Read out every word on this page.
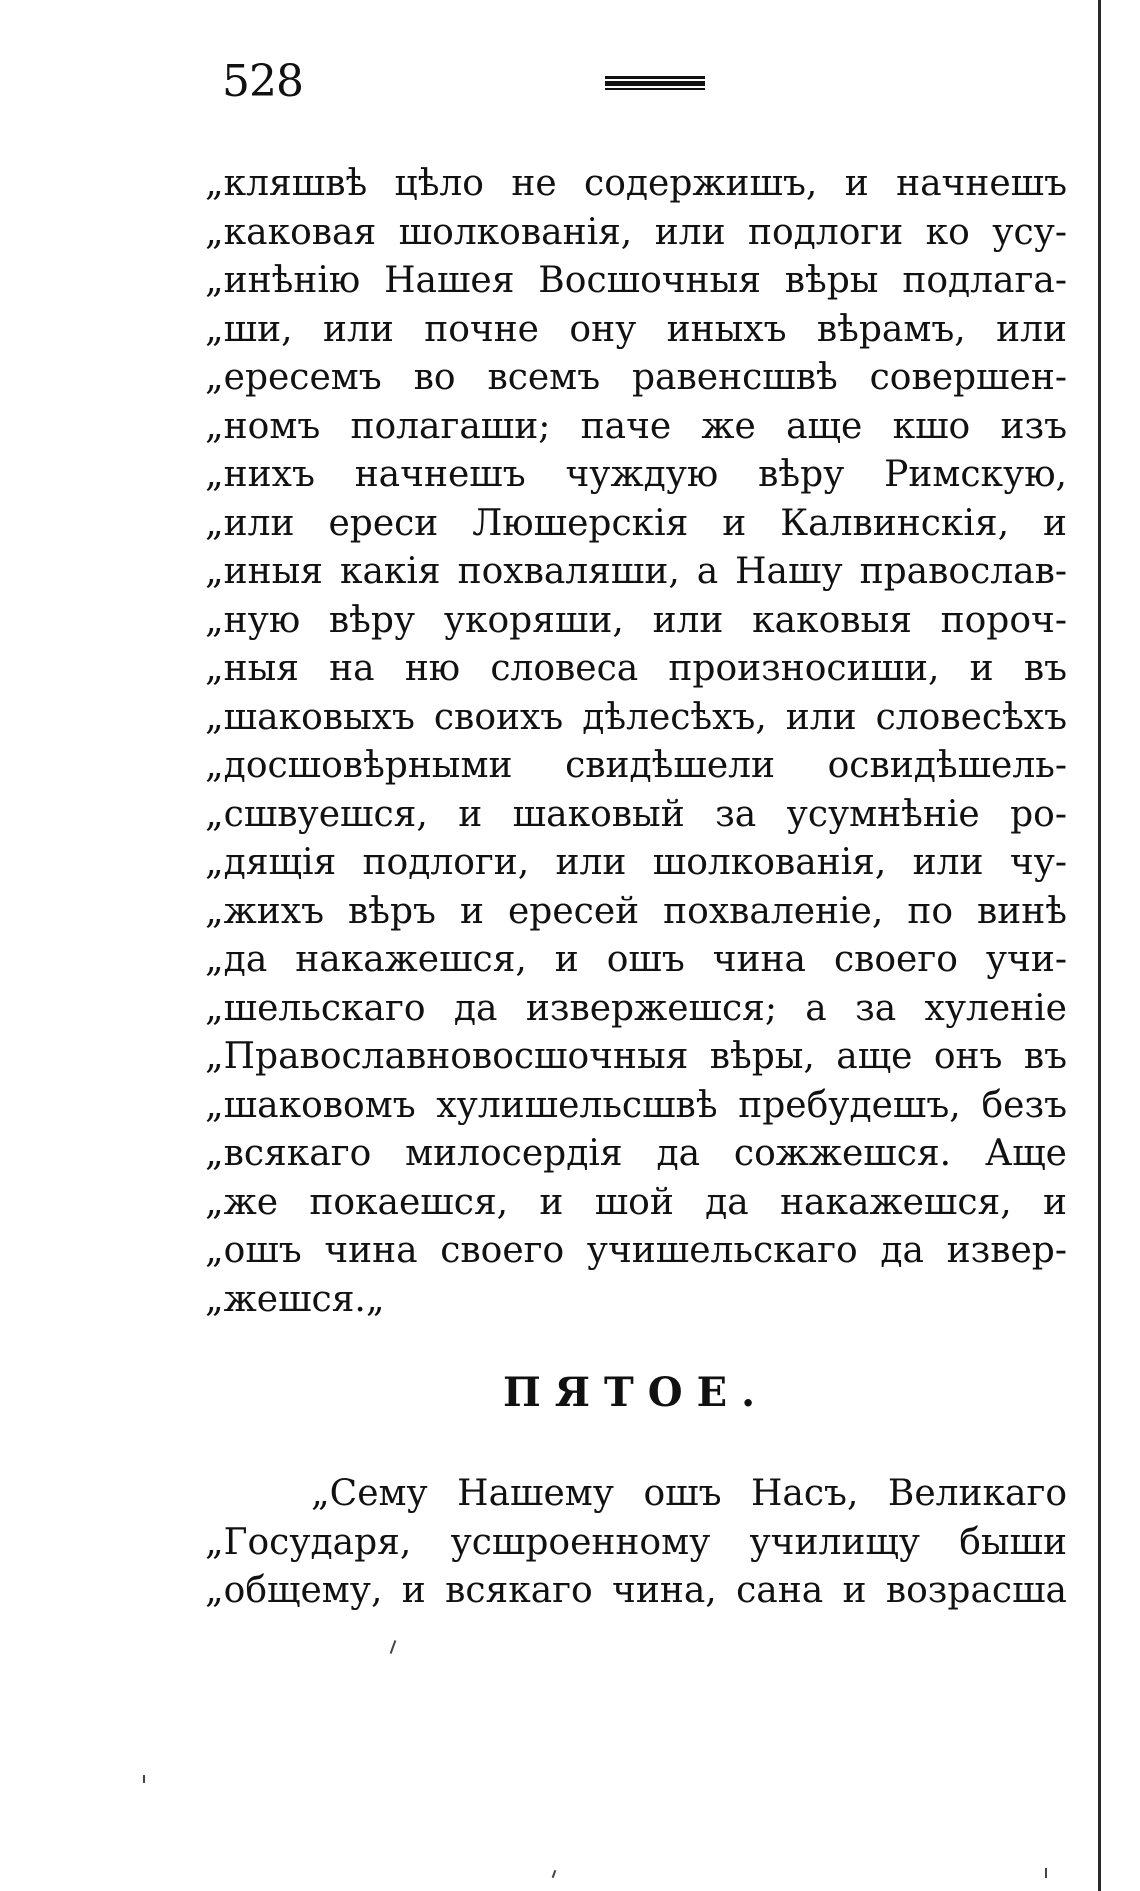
528
„кляшвѣ цѣло не содержишъ, и начнешъ
„каковая шолкованія, или подлоги ко усу-
„инѣнію Нашея Восшочныя вѣры подлага-
„ши, или почне ону иныхъ вѣрамъ, или
„ересемъ во всемъ равенсшвѣ совершен-
„номъ полагаши; паче же аще кшо изъ
„нихъ начнешъ чуждую вѣру Римскую,
„или ереси Люшерскія и Калвинскія, и
„иныя какія похваляши, а Нашу православ-
„ную вѣру укоряши, или каковыя пороч-
„ныя на ню словеса произносиши, и въ
„шаковыхъ своихъ дѣлесѣхъ, или словесѣхъ
„досшовѣрными свидѣшели освидѣшель-
„сшвуешся, и шаковый за усумнѣніе ро-
„дящія подлоги, или шолкованія, или чу-
„жихъ вѣръ и ересей похваленіе, по винѣ
„да накажешся, и ошъ чина своего учи-
„шельскаго да извержешся; а за хуленіе
„Православновосшочныя вѣры, аще онъ въ
„шаковомъ хулишельсшвѣ пребудешъ, безъ
„всякаго милосердія да сожжешся. Аще
„же покаешся, и шой да накажешся, и
„ошъ чина своего учишельскаго да извер-
„жешся.„
ПЯТОЕ.
„Сему Нашему ошъ Насъ, Великаго
„Государя, усшроенному училищу быши
„общему, и всякаго чина, сана и возрасша
